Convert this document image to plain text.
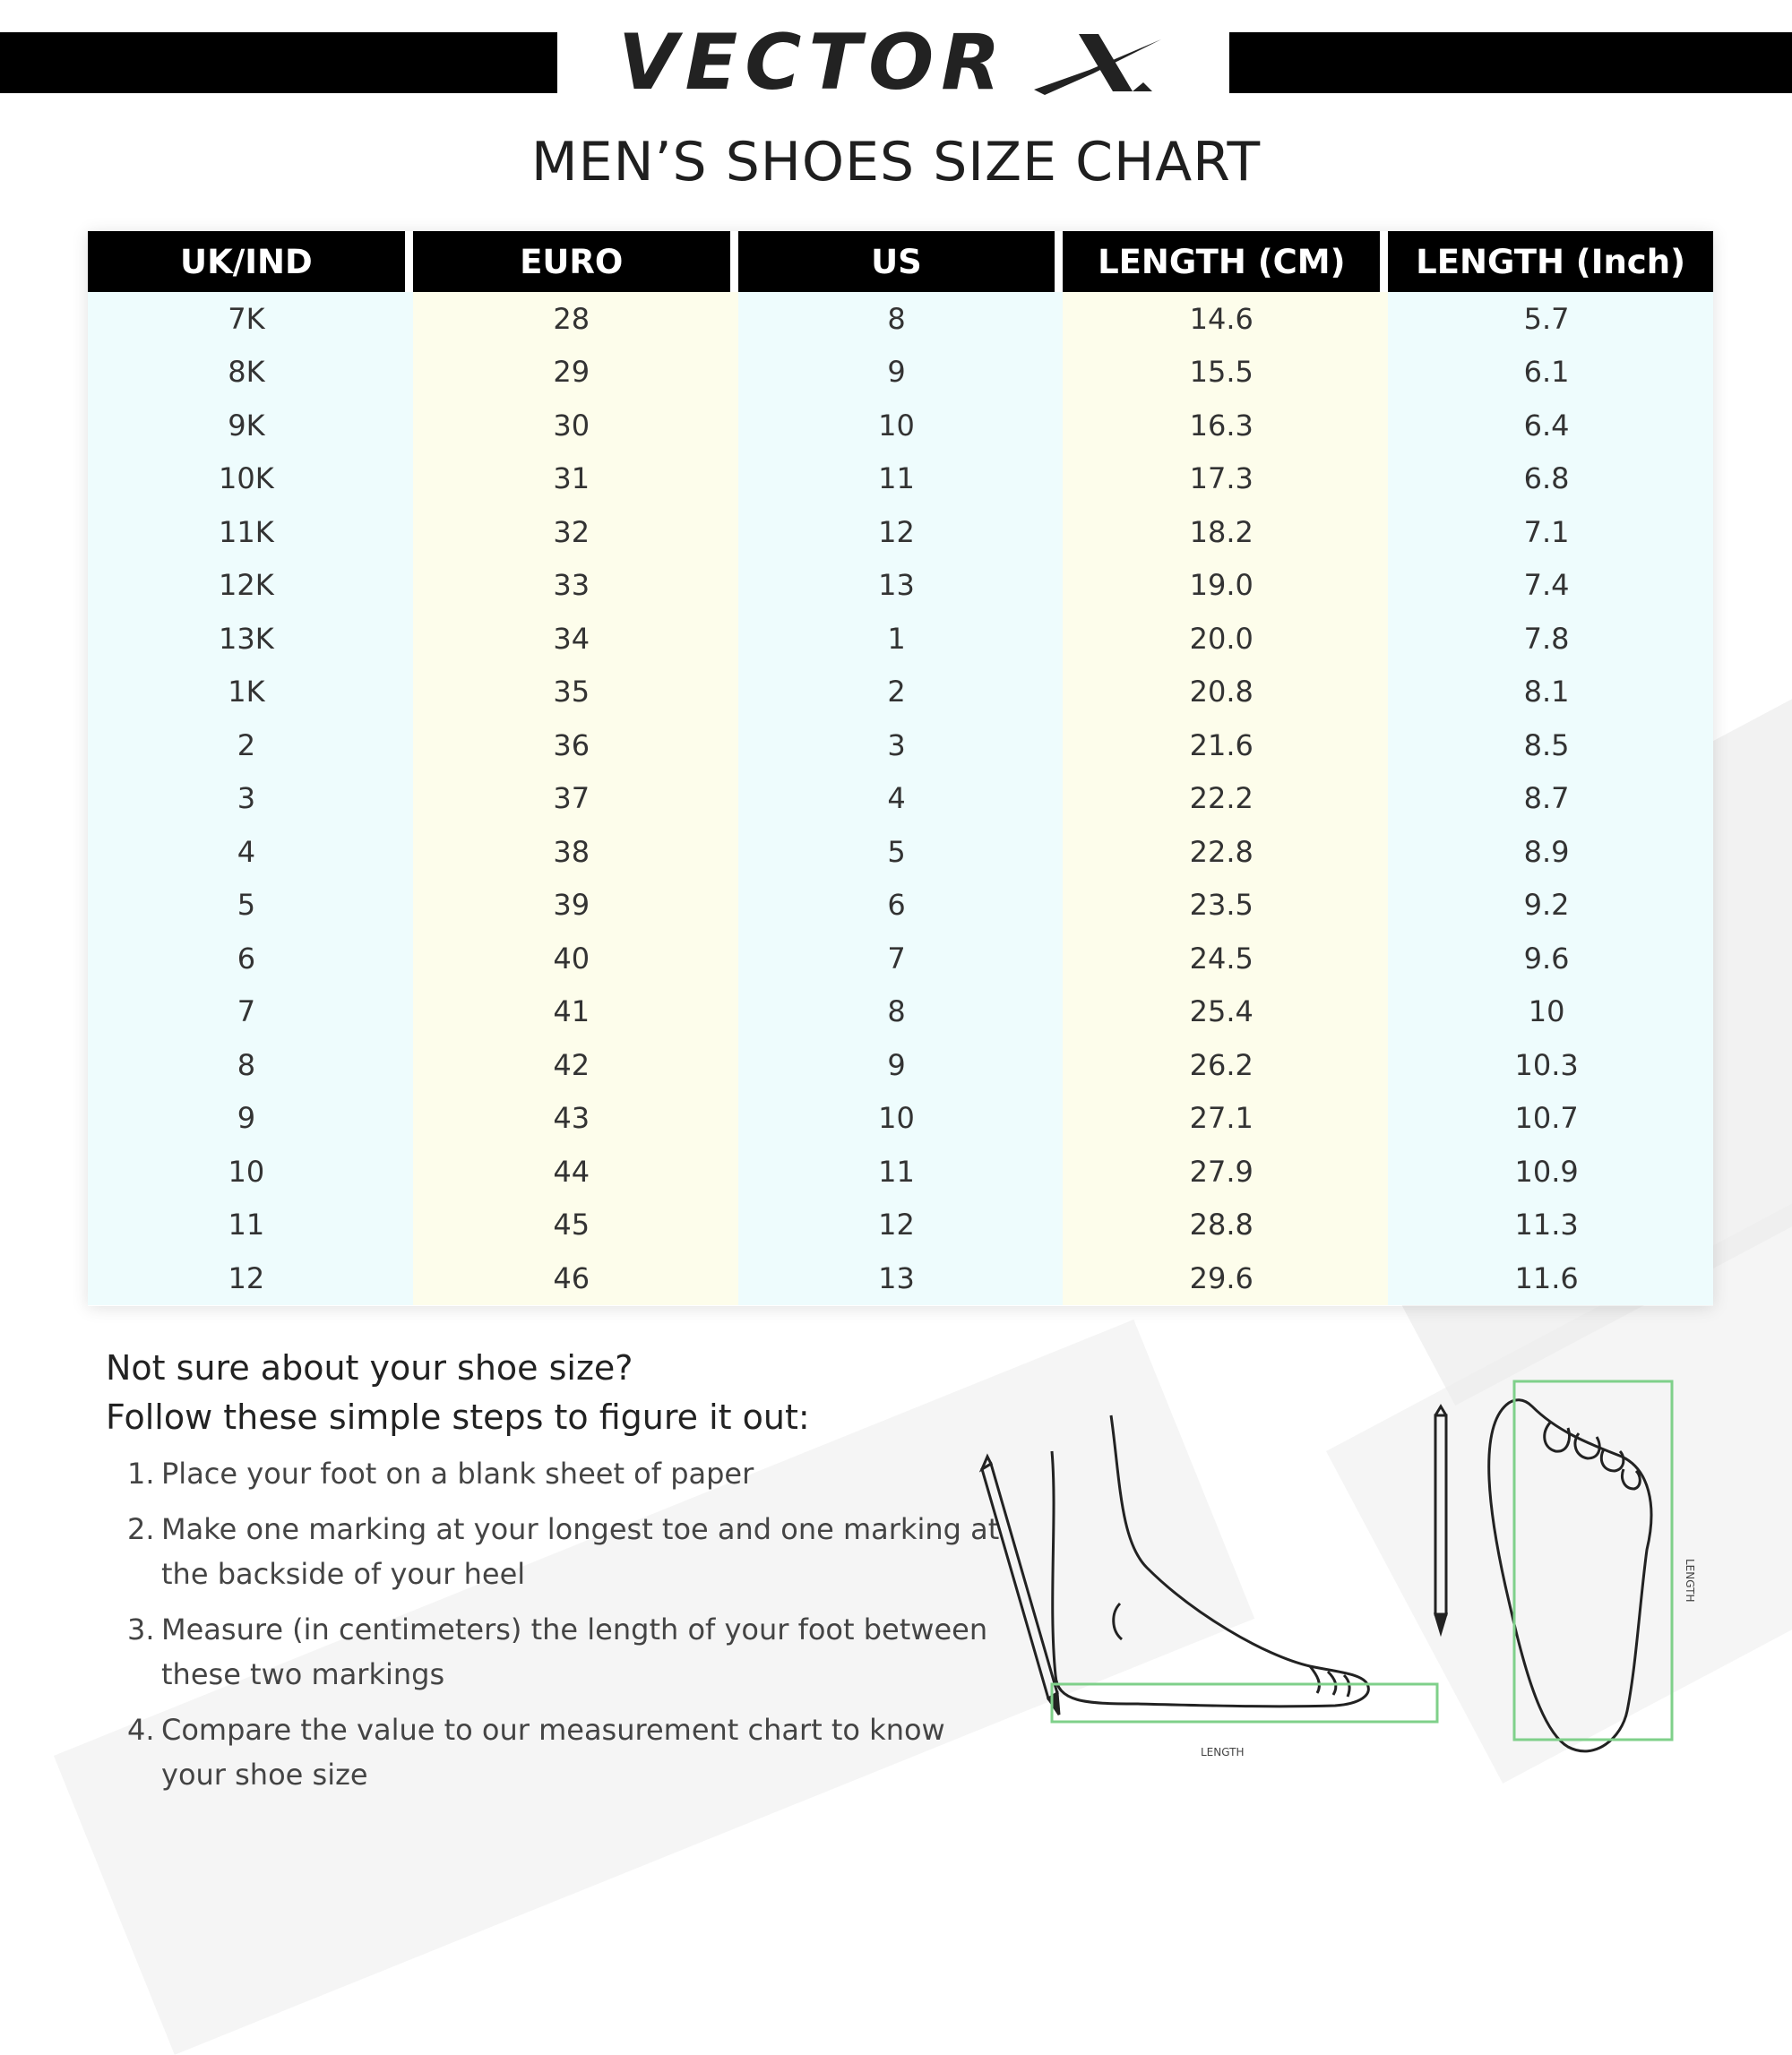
VECTOR
MEN’S SHOES SIZE CHART
UK/IND	EURO	US	LENGTH (CM)	LENGTH (Inch)
7K	28	8	14.6	5.7
8K	29	9	15.5	6.1
9K	30	10	16.3	6.4
10K	31	11	17.3	6.8
11K	32	12	18.2	7.1
12K	33	13	19.0	7.4
13K	34	1	20.0	7.8
1K	35	2	20.8	8.1
2	36	3	21.6	8.5
3	37	4	22.2	8.7
4	38	5	22.8	8.9
5	39	6	23.5	9.2
6	40	7	24.5	9.6
7	41	8	25.4	10
8	42	9	26.2	10.3
9	43	10	27.1	10.7
10	44	11	27.9	10.9
11	45	12	28.8	11.3
12	46	13	29.6	11.6
Not sure about your shoe size?
Follow these simple steps to figure it out:
1. Place your foot on a blank sheet of paper
2. Make one marking at your longest toe and one marking at the backside of your heel
3. Measure (in centimeters) the length of your foot between these two markings
4. Compare the value to our measurement chart to know your shoe size
LENGTH
LENGTH
